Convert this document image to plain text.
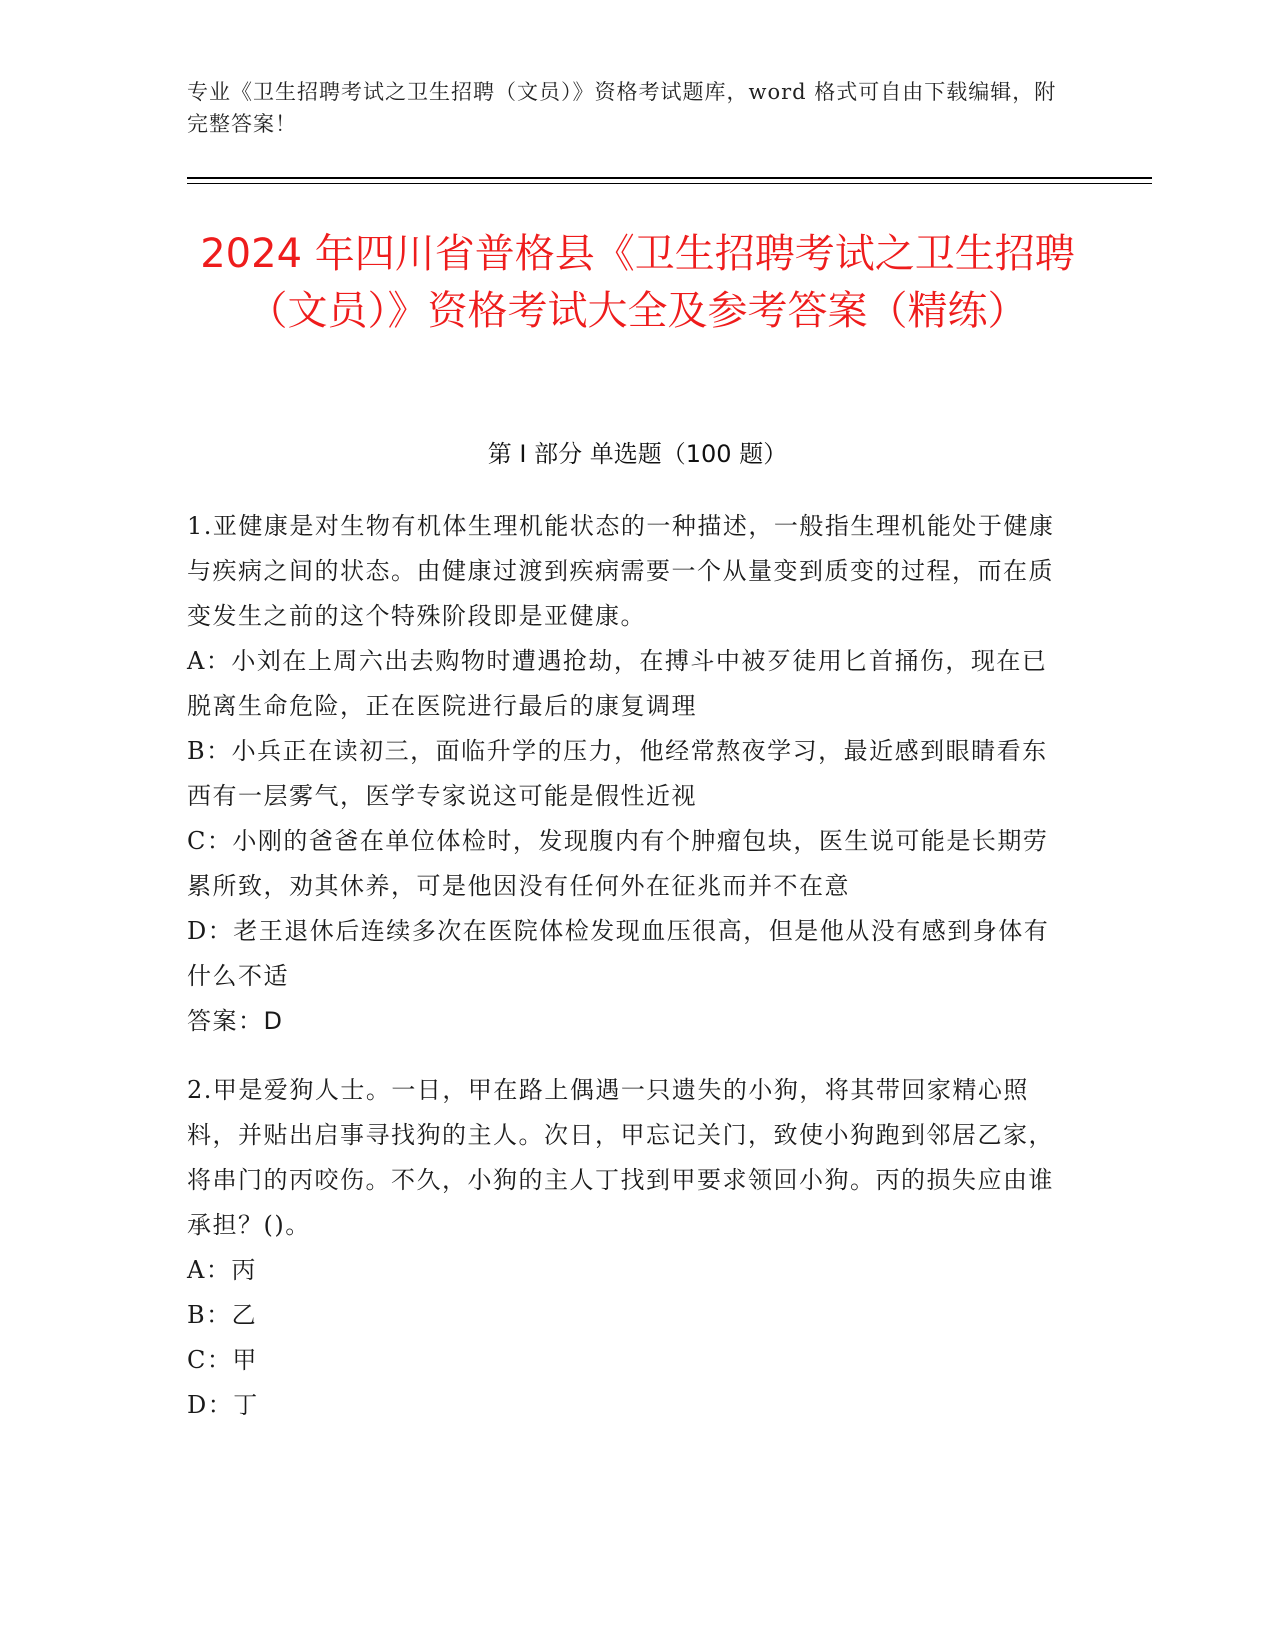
专业《卫生招聘考试之卫生招聘（文员）》资格考试题库，word 格式可自由下载编辑，附完整答案！
2024 年四川省普格县《卫生招聘考试之卫生招聘（文员）》资格考试大全及参考答案（精练）
第 I 部分 单选题（100 题）

1.亚健康是对生物有机体生理机能状态的一种描述，一般指生理机能处于健康与疾病之间的状态。由健康过渡到疾病需要一个从量变到质变的过程，而在质变发生之前的这个特殊阶段即是亚健康。

A：小刘在上周六出去购物时遭遇抢劫，在搏斗中被歹徒用匕首捅伤，现在已脱离生命危险，正在医院进行最后的康复调理

B：小兵正在读初三，面临升学的压力，他经常熬夜学习，最近感到眼睛看东西有一层雾气，医学专家说这可能是假性近视

C：小刚的爸爸在单位体检时，发现腹内有个肿瘤包块，医生说可能是长期劳累所致，劝其休养，可是他因没有任何外在征兆而并不在意

D：老王退休后连续多次在医院体检发现血压很高，但是他从没有感到身体有什么不适

答案：D

2.甲是爱狗人士。一日，甲在路上偶遇一只遗失的小狗，将其带回家精心照料，并贴出启事寻找狗的主人。次日，甲忘记关门，致使小狗跑到邻居乙家，将串门的丙咬伤。不久，小狗的主人丁找到甲要求领回小狗。丙的损失应由谁承担？()。

A：丙

B：乙

C：甲

D：丁
